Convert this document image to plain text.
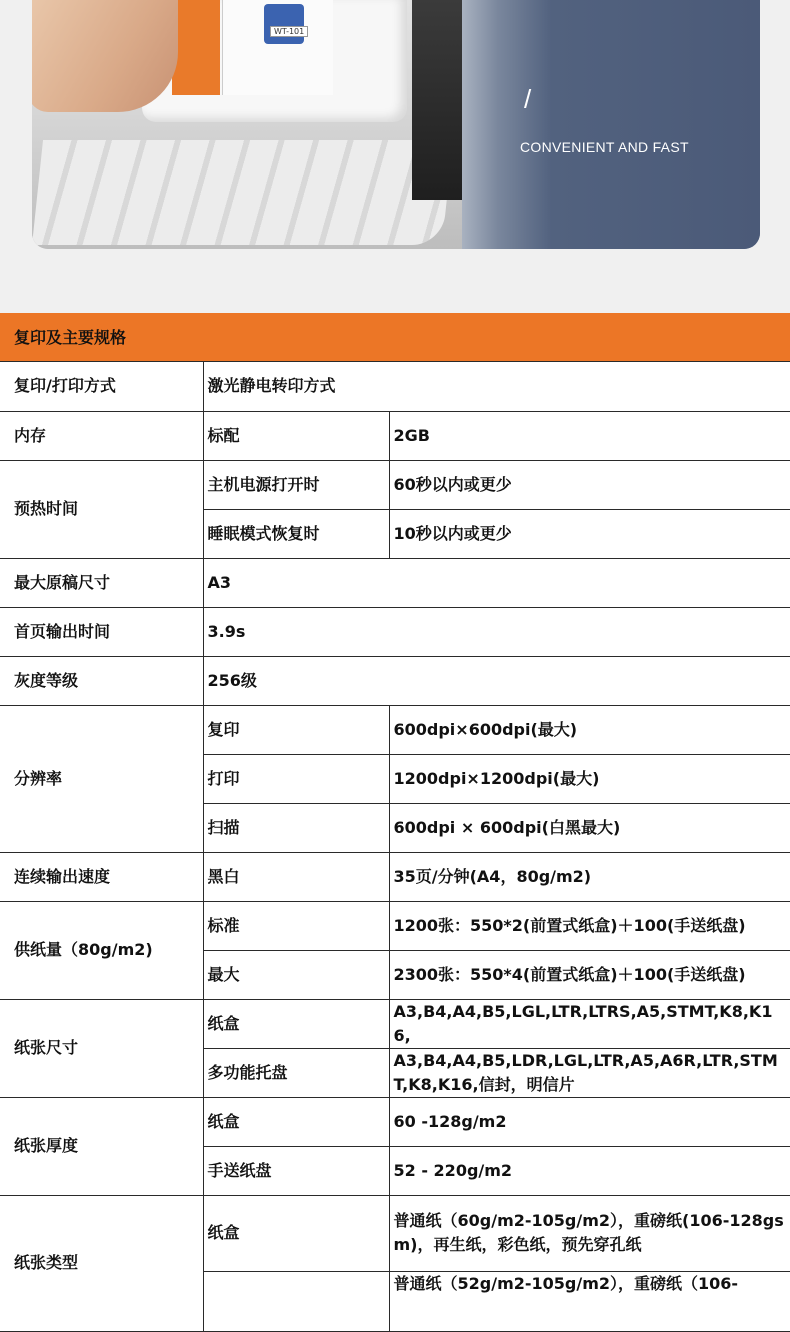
WT-101
/
CONVENIENT AND FAST
复印及主要规格
复印/打印方式	激光静电转印方式	
内存	标配	2GB
预热时间	主机电源打开时	60秒以内或更少
	睡眠模式恢复时	10秒以内或更少
最大原稿尺寸	A3	
首页输出时间	3.9s	
灰度等级	256级	
分辨率	复印	600dpi×600dpi(最大)
	打印	1200dpi×1200dpi(最大)
	扫描	600dpi × 600dpi(白黑最大)
连续输出速度	黑白	35页/分钟(A4，80g/m2)
供纸量（80g/m2)	标准	1200张：550*2(前置式纸盒)＋100(手送纸盘)
	最大	2300张：550*4(前置式纸盒)＋100(手送纸盘)
纸张尺寸	纸盒	A3,B4,A4,B5,LGL,LTR,LTRS,A5,STMT,K8,K16,
	多功能托盘	A3,B4,A4,B5,LDR,LGL,LTR,A5,A6R,LTR,STMT,K8,K16,信封，明信片
纸张厚度	纸盒	60 -128g/m2
	手送纸盘	52 - 220g/m2
纸张类型	纸盒	普通纸（60g/m2-105g/m2），重磅纸(106-128gsm)，再生纸，彩色纸，预先穿孔纸
		普通纸（52g/m2-105g/m2），重磅纸（106-
